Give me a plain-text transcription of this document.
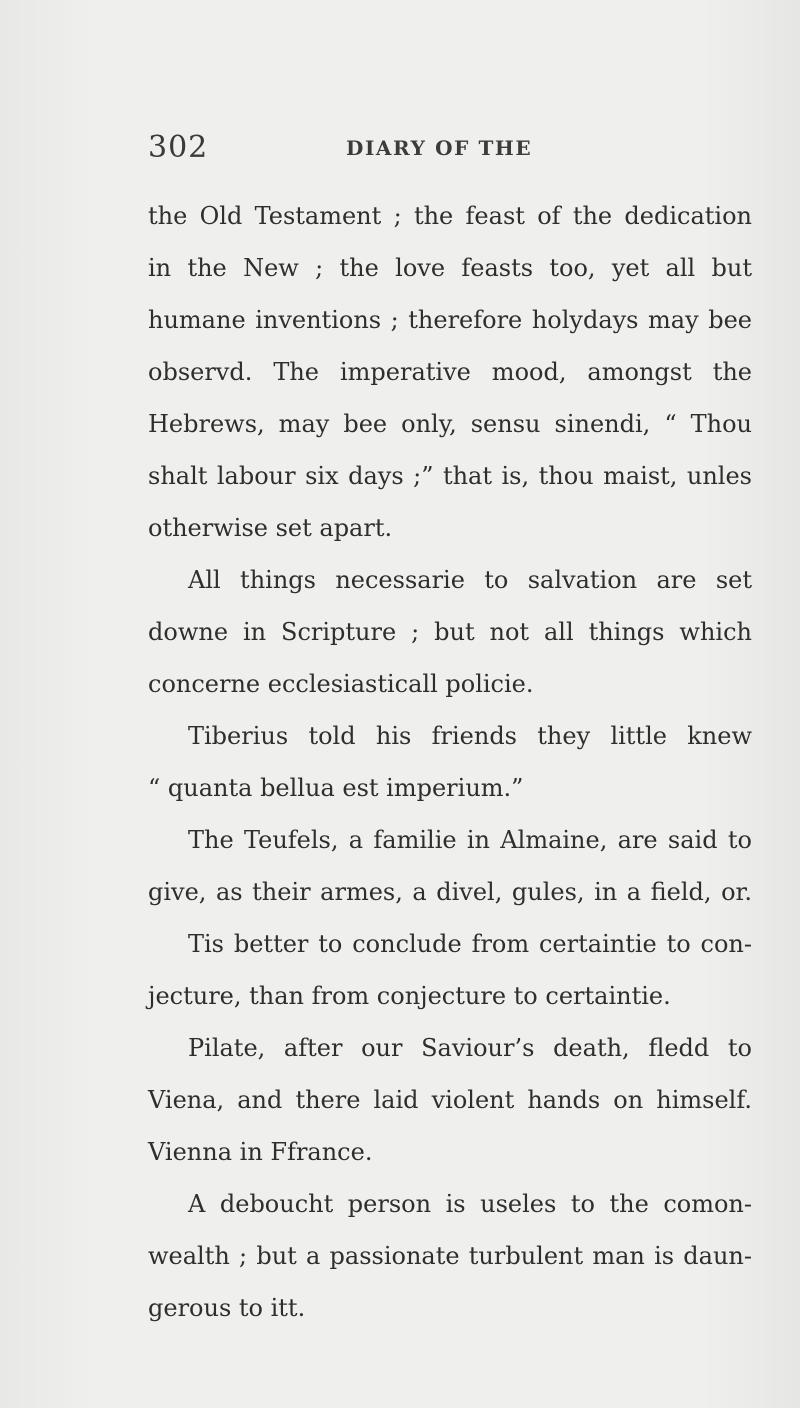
302	DIARY OF THE
the Old Testament ; the feast of the dedication
in the New ; the love feasts too, yet all but
humane inventions ; therefore holydays may bee
observd. The imperative mood, amongst the
Hebrews, may bee only, sensu sinendi, “ Thou
shalt labour six days ;” that is, thou maist, unles
otherwise set apart.
All things necessarie to salvation are set
downe in Scripture ; but not all things which
concerne ecclesiasticall policie.
Tiberius told his friends they little knew
“ quanta bellua est imperium.”
The Teufels, a familie in Almaine, are said to
give, as their armes, a divel, gules, in a field, or.
Tis better to conclude from certaintie to con-
jecture, than from conjecture to certaintie.
Pilate, after our Saviour’s death, fledd to
Viena, and there laid violent hands on himself.
Vienna in Ffrance.
A deboucht person is useles to the comon-
wealth ; but a passionate turbulent man is daun-
gerous to itt.
